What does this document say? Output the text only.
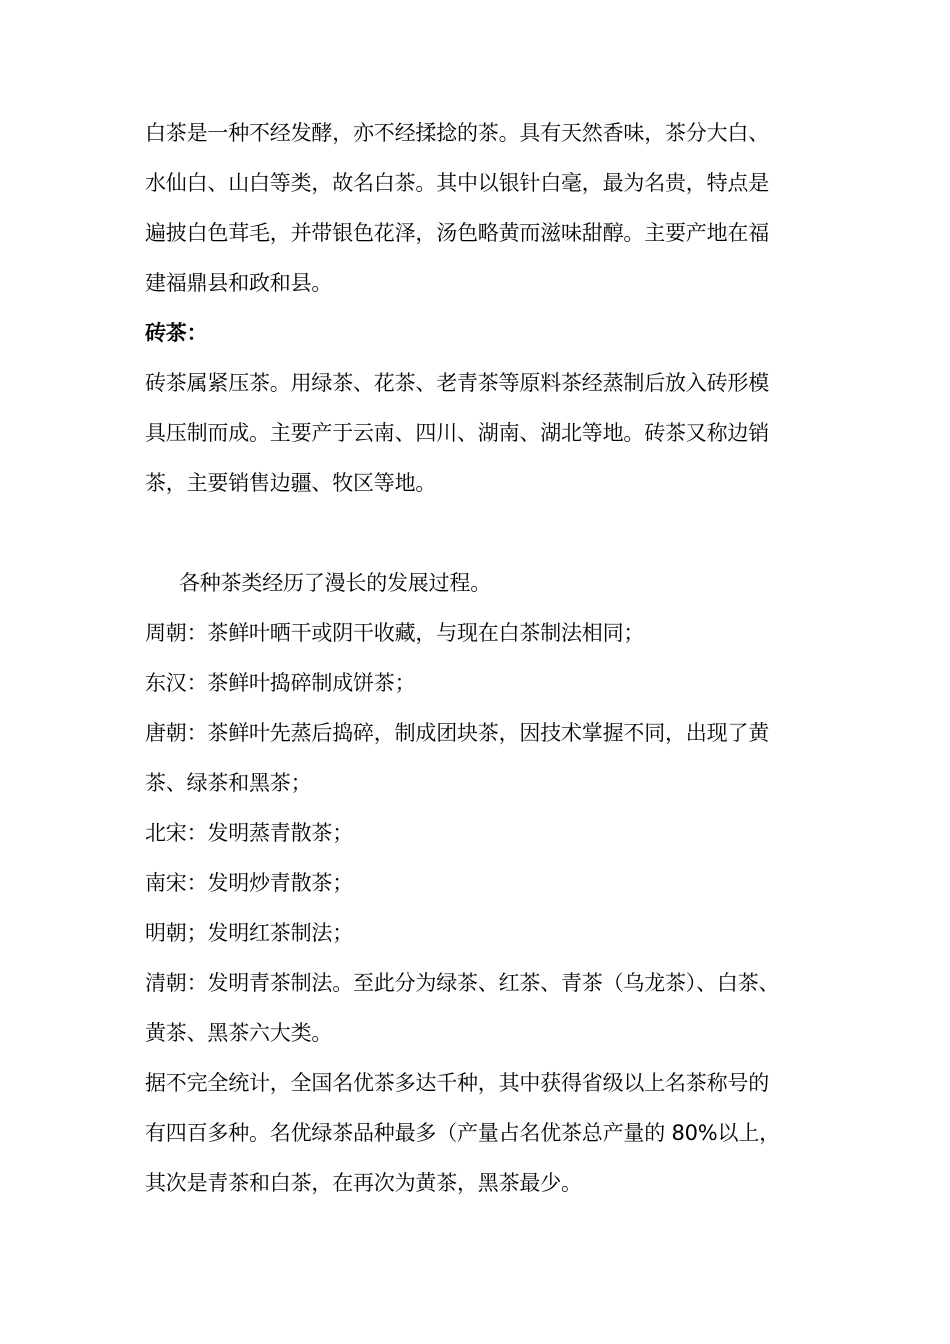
白茶是一种不经发酵，亦不经揉捻的茶。具有天然香味，茶分大白、
水仙白、山白等类，故名白茶。其中以银针白毫，最为名贵，特点是
遍披白色茸毛，并带银色花泽，汤色略黄而滋味甜醇。主要产地在福
建福鼎县和政和县。
砖茶：
砖茶属紧压茶。用绿茶、花茶、老青茶等原料茶经蒸制后放入砖形模
具压制而成。主要产于云南、四川、湖南、湖北等地。砖茶又称边销
茶，主要销售边疆、牧区等地。
各种茶类经历了漫长的发展过程。
周朝：茶鲜叶晒干或阴干收藏，与现在白茶制法相同；
东汉：茶鲜叶捣碎制成饼茶；
唐朝：茶鲜叶先蒸后捣碎，制成团块茶，因技术掌握不同，出现了黄
茶、绿茶和黑茶；
北宋：发明蒸青散茶；
南宋：发明炒青散茶；
明朝；发明红茶制法；
清朝：发明青茶制法。至此分为绿茶、红茶、青茶（乌龙茶）、白茶、
黄茶、黑茶六大类。
据不完全统计，全国名优茶多达千种，其中获得省级以上名茶称号的
有四百多种。名优绿茶品种最多（产量占名优茶总产量的 80%以上，
其次是青茶和白茶，在再次为黄茶，黑茶最少。
